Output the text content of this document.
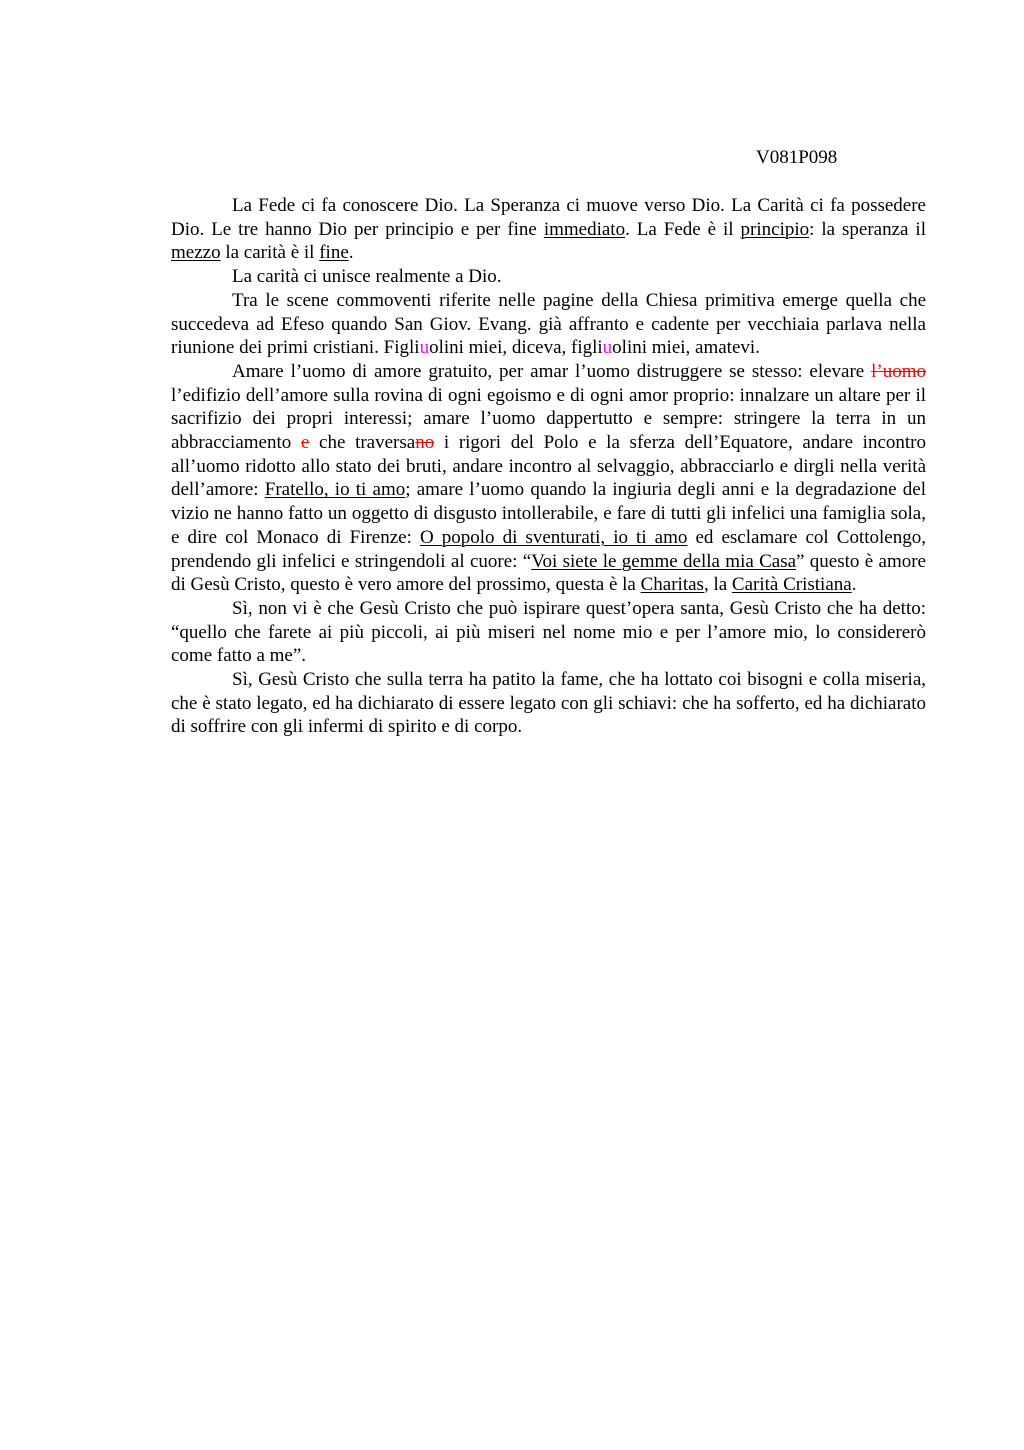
V081P098

La Fede ci fa conoscere Dio. La Speranza ci muove verso Dio. La Carità ci fa possedere Dio. Le tre hanno Dio per principio e per fine immediato. La Fede è il principio: la speranza il mezzo la carità è il fine.

La carità ci unisce realmente a Dio.

Tra le scene commoventi riferite nelle pagine della Chiesa primitiva emerge quella che succedeva ad Efeso quando San Giov. Evang. già affranto e cadente per vecchiaia parlava nella riunione dei primi cristiani. Figliuolini miei, diceva, figliuolini miei, amatevi.

Amare l’uomo di amore gratuito, per amar l’uomo distruggere se stesso: elevare l’uomo l’edifizio dell’amore sulla rovina di ogni egoismo e di ogni amor proprio: innalzare un altare per il sacrifizio dei propri interessi; amare l’uomo dappertutto e sempre: stringere la terra in un abbracciamento e che traversano i rigori del Polo e la sferza dell’Equatore, andare incontro all’uomo ridotto allo stato dei bruti, andare incontro al selvaggio, abbracciarlo e dirgli nella verità dell’amore: Fratello, io ti amo; amare l’uomo quando la ingiuria degli anni e la degradazione del vizio ne hanno fatto un oggetto di disgusto intollerabile, e fare di tutti gli infelici una famiglia sola, e dire col Monaco di Firenze: O popolo di sventurati, io ti amo ed esclamare col Cottolengo, prendendo gli infelici e stringendoli al cuore: “Voi siete le gemme della mia Casa” questo è amore di Gesù Cristo, questo è vero amore del prossimo, questa è la Charitas, la Carità Cristiana.

Sì, non vi è che Gesù Cristo che può ispirare quest’opera santa, Gesù Cristo che ha detto: “quello che farete ai più piccoli, ai più miseri nel nome mio e per l’amore mio, lo considererò come fatto a me”.

Sì, Gesù Cristo che sulla terra ha patito la fame, che ha lottato coi bisogni e colla miseria, che è stato legato, ed ha dichiarato di essere legato con gli schiavi: che ha sofferto, ed ha dichiarato di soffrire con gli infermi di spirito e di corpo.
